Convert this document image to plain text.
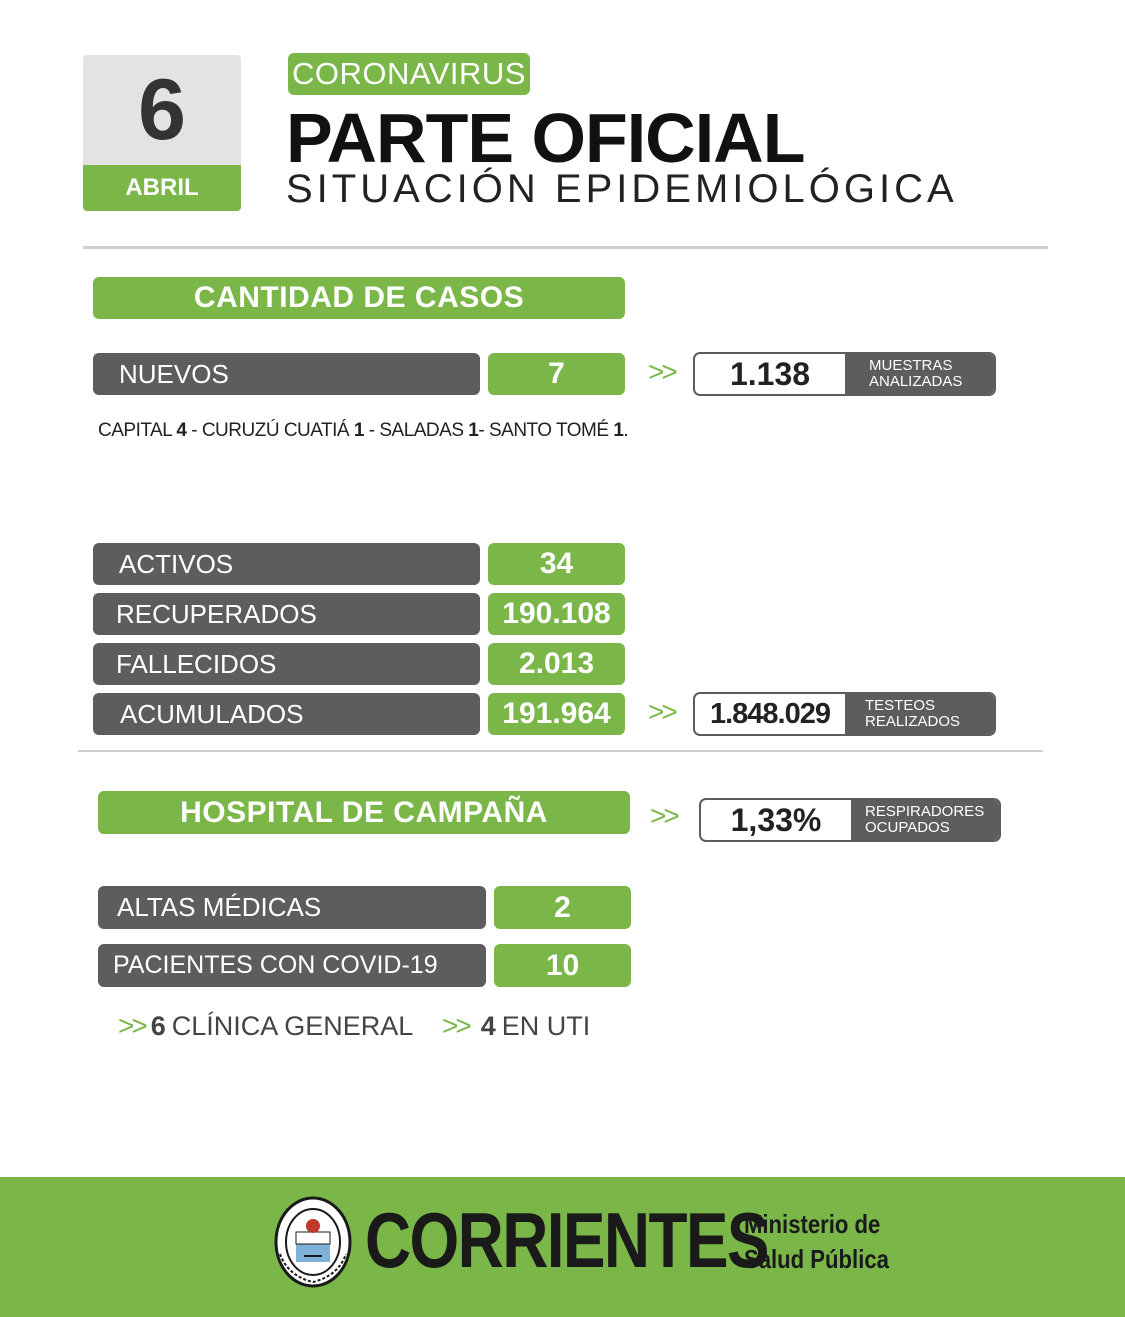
6
ABRIL
CORONAVIRUS
PARTE OFICIAL
SITUACIÓN EPIDEMIOLÓGICA
CANTIDAD DE CASOS
NUEVOS	7	>>	1.138	MUESTRAS
ANALIZADAS
CAPITAL 4 - CURUZÚ CUATIÁ 1 - SALADAS 1- SANTO TOMÉ 1.
ACTIVOS	34
RECUPERADOS	190.108
FALLECIDOS	2.013
ACUMULADOS	191.964	>>	1.848.029	TESTEOS
REALIZADOS
HOSPITAL DE CAMPAÑA	>>	1,33%	RESPIRADORES
OCUPADOS
ALTAS MÉDICAS	2
PACIENTES CON COVID-19	10
>> 6 CLÍNICA GENERAL >> 4 EN UTI
CORRIENTES
Ministerio de
Salud Pública
